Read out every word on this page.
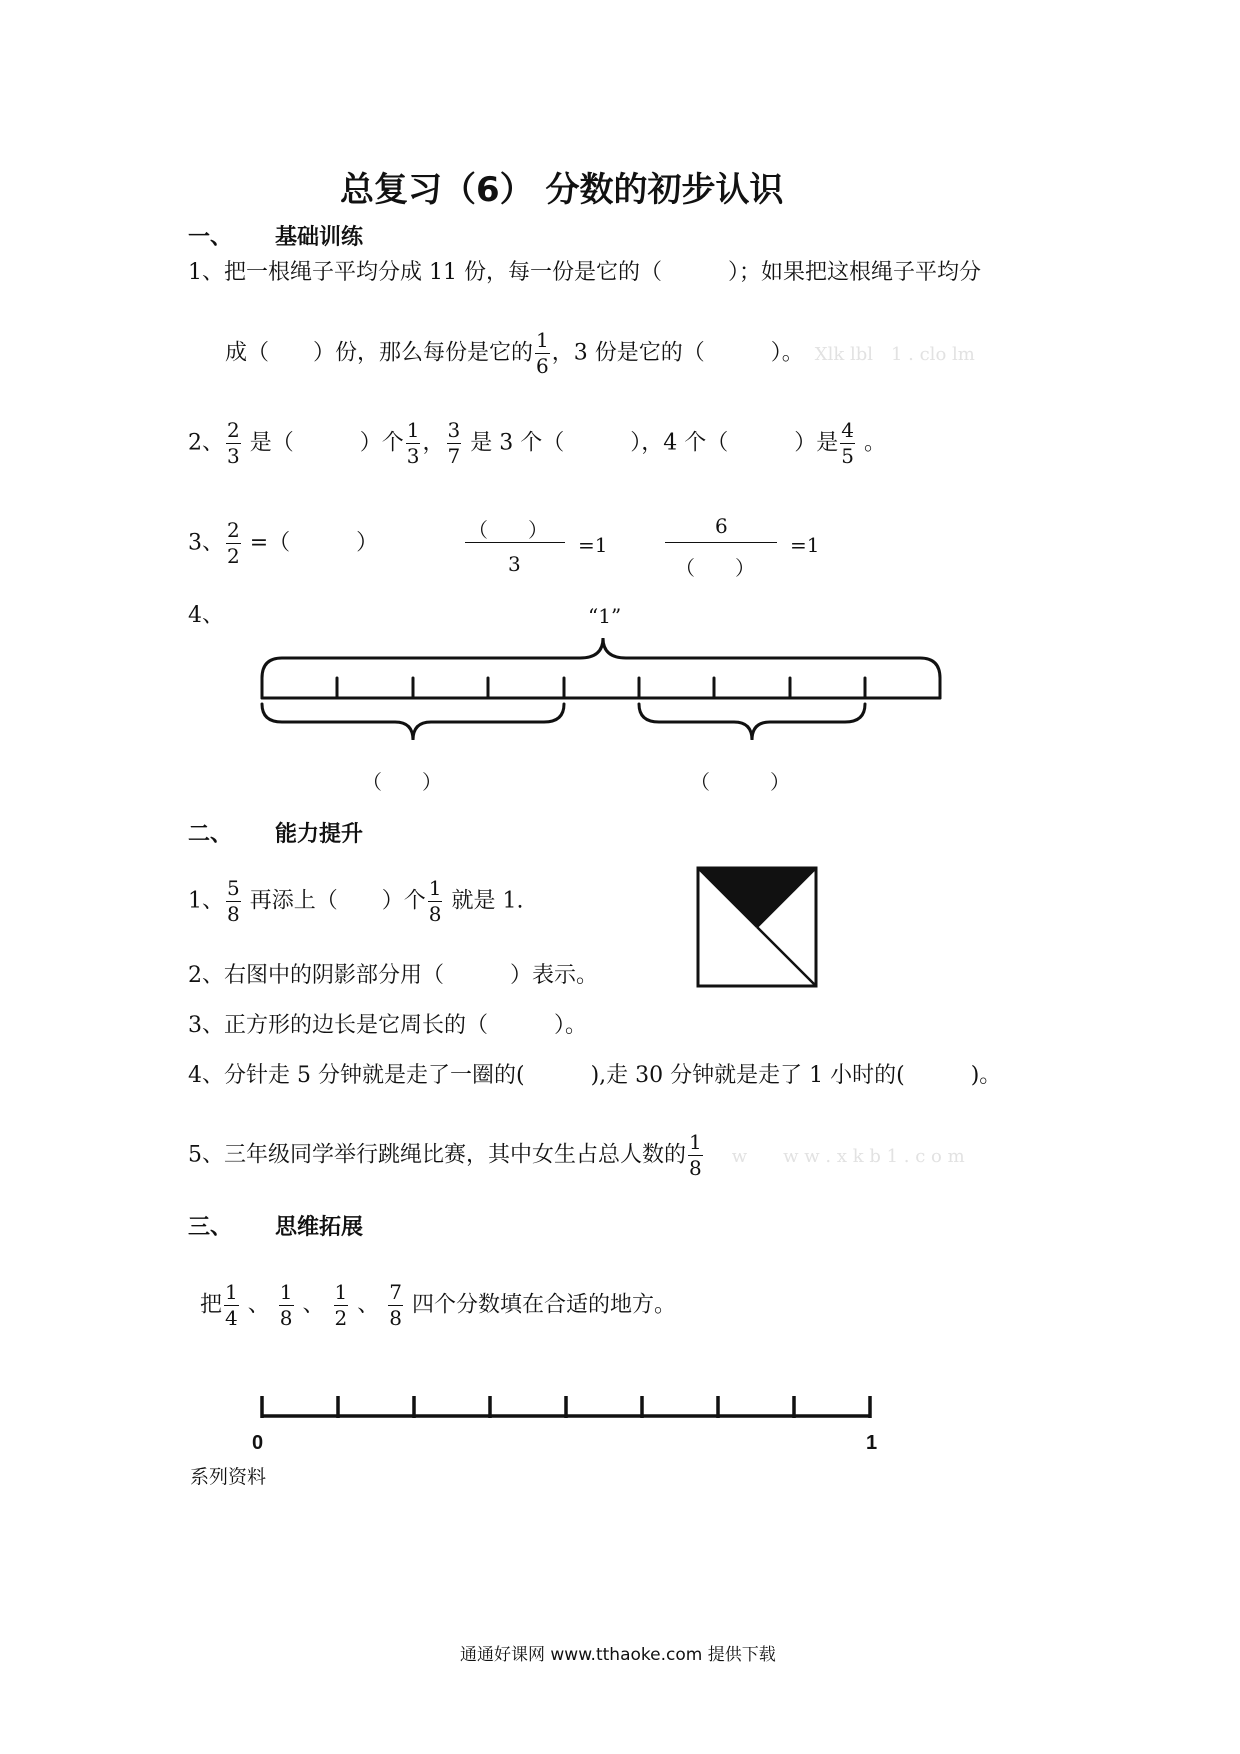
总复习（6） 分数的初步认识
一、 基础训练
1、把一根绳子平均分成 11 份，每一份是它的（　　　）；如果把这根绳子平均分
成（　　）份，那么每份是它的 $\frac{1}{6}$ ，3 份是它的（　　　）。 Xlk lbl　1 . clo lm
2、 $\frac{2}{3}$ 是（　　　）个 $\frac{1}{3}$ ， $\frac{3}{7}$ 是 3 个（　　　），4 个（　　　）是 $\frac{4}{5}$ 。
3、 $\frac{2}{2}$ =（　　　）
（　　）
3
=1
6
（　　）
=1
4、	“1”
（　　）	（　　　）
二、 能力提升
1、 $\frac{5}{8}$ 再添上（　　）个 $\frac{1}{8}$ 就是 1.
2、右图中的阴影部分用（　　　）表示。
3、正方形的边长是它周长的（　　　）。
4、分针走 5 分钟就是走了一圈的(　　　),走 30 分钟就是走了 1 小时的(　　　)。
5、三年级同学举行跳绳比赛，其中女生占总人数的 $\frac{1}{8}$ w　　w w . x k b 1 . c o m
三、 思维拓展
把 $\frac{1}{4}$ 、 $\frac{1}{8}$ 、 $\frac{1}{2}$ 、 $\frac{7}{8}$ 四个分数填在合适的地方。
0	1
系列资料
通通好课网 www.tthaoke.com 提供下载
